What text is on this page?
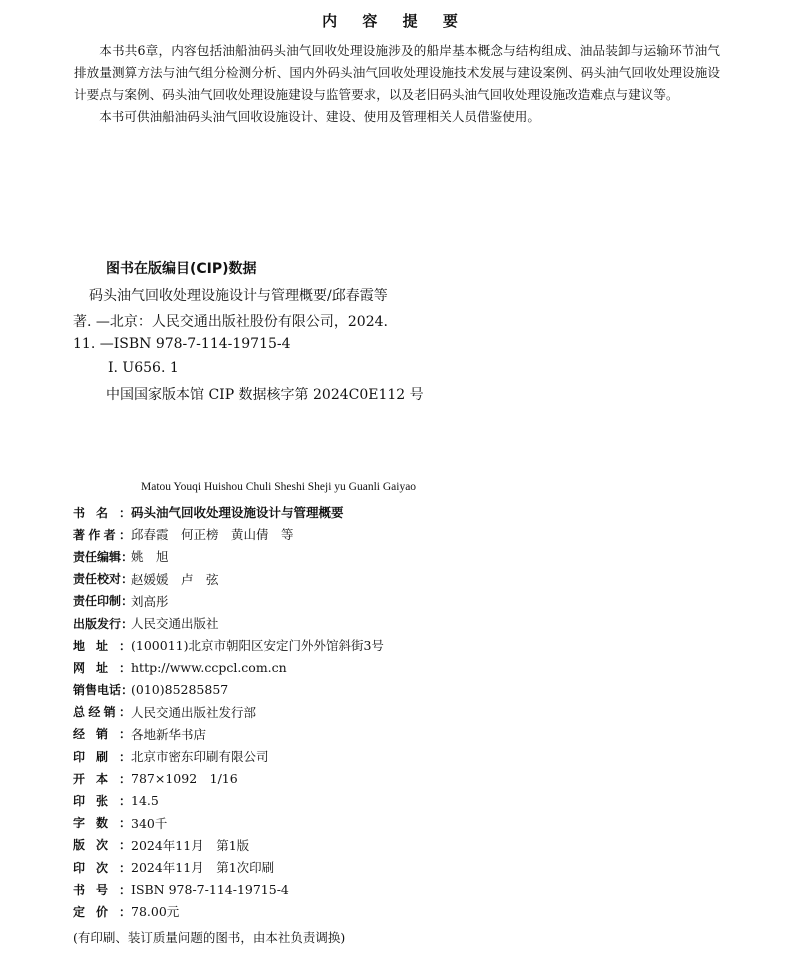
内 容 提 要

本书共6章，内容包括油船油码头油气回收处理设施涉及的船岸基本概念与结构组成、油品装卸与运输环节油气排放量测算方法与油气组分检测分析、国内外码头油气回收处理设施技术发展与建设案例、码头油气回收处理设施设计要点与案例、码头油气回收处理设施建设与监管要求，以及老旧码头油气回收处理设施改造难点与建议等。

本书可供油船油码头油气回收设施设计、建设、使用及管理相关人员借鉴使用。

图书在版编目(CIP)数据
码头油气回收处理设施设计与管理概要/邱春霞等
著. —北京：人民交通出版社股份有限公司，2024.
11. —ISBN 978-7-114-19715-4
Ⅰ. U656. 1
中国国家版本馆 CIP 数据核字第 2024C0E112 号
Matou Youqi Huishou Chuli Sheshi Sheji yu Guanli Gaiyao
书 名 ： 码头油气回收处理设施设计与管理概要
著 作 者 ： 邱春霞　何正榜　黄山倩　等
责 任 编 辑 ：
姚　旭
责 任 校 对 ：
赵媛媛　卢　弦
责 任 印 制 ：
刘高彤
出 版 发 行 ：
人民交通出版社
地 址 ： (100011)北京市朝阳区安定门外外馆斜街3号
网 址 ： http://www.ccpcl.com.cn
销 售 电 话 ：
(010)85285857
总 经 销 ： 人民交通出版社发行部
经 销 ： 各地新华书店
印 刷 ： 北京市密东印刷有限公司
开 本 ： 787×1092　1/16
印 张 ： 14.5
字 数 ： 340千
版 次 ： 2024年11月　第1版
印 次 ： 2024年11月　第1次印刷
书 号 ： ISBN 978-7-114-19715-4
定 价 ： 78.00元
(有印刷、装订质量问题的图书，由本社负责调换)
